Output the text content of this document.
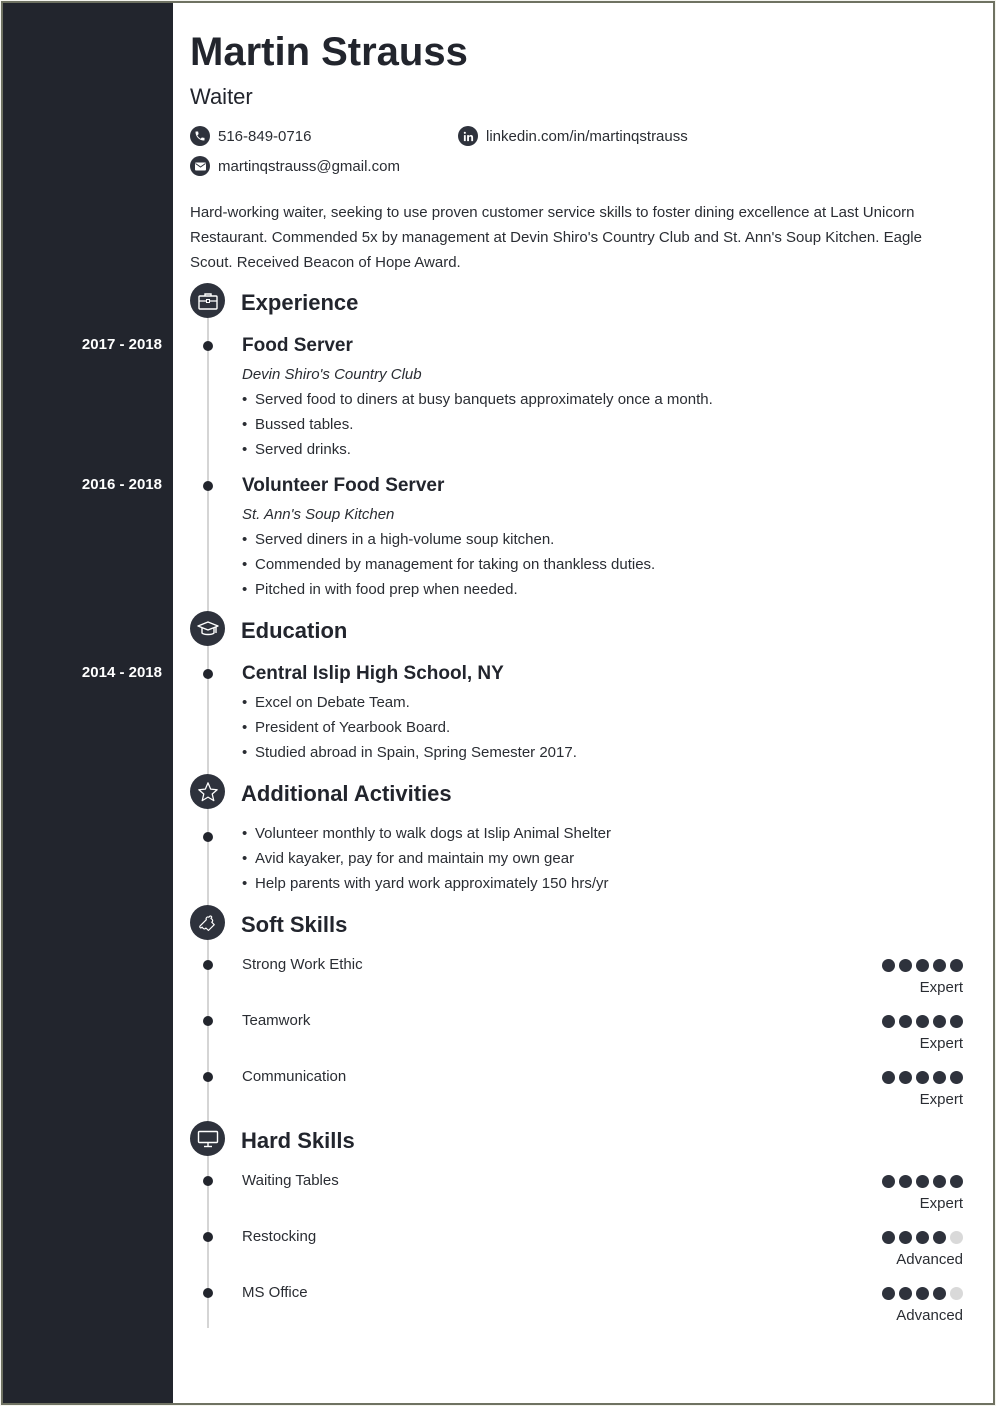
Martin Strauss
Waiter
516-849-0716	linkedin.com/in/martinqstrauss
martinqstrauss@gmail.com
Hard-working waiter, seeking to use proven customer service skills to foster dining excellence at Last Unicorn Restaurant. Commended 5x by management at Devin Shiro's Country Club and St. Ann's Soup Kitchen. Eagle Scout. Received Beacon of Hope Award.
Experience
2017 - 2018	Food Server
Devin Shiro's Country Club
• Served food to diners at busy banquets approximately once a month.
• Bussed tables.
• Served drinks.
2016 - 2018	Volunteer Food Server
St. Ann's Soup Kitchen
• Served diners in a high-volume soup kitchen.
• Commended by management for taking on thankless duties.
• Pitched in with food prep when needed.
Education
2014 - 2018	Central Islip High School, NY
• Excel on Debate Team.
• President of Yearbook Board.
• Studied abroad in Spain, Spring Semester 2017.
Additional Activities
• Volunteer monthly to walk dogs at Islip Animal Shelter
• Avid kayaker, pay for and maintain my own gear
• Help parents with yard work approximately 150 hrs/yr
Soft Skills
Strong Work Ethic
Expert
Teamwork
Expert
Communication
Expert
Hard Skills
Waiting Tables
Expert
Restocking
Advanced
MS Office
Advanced
